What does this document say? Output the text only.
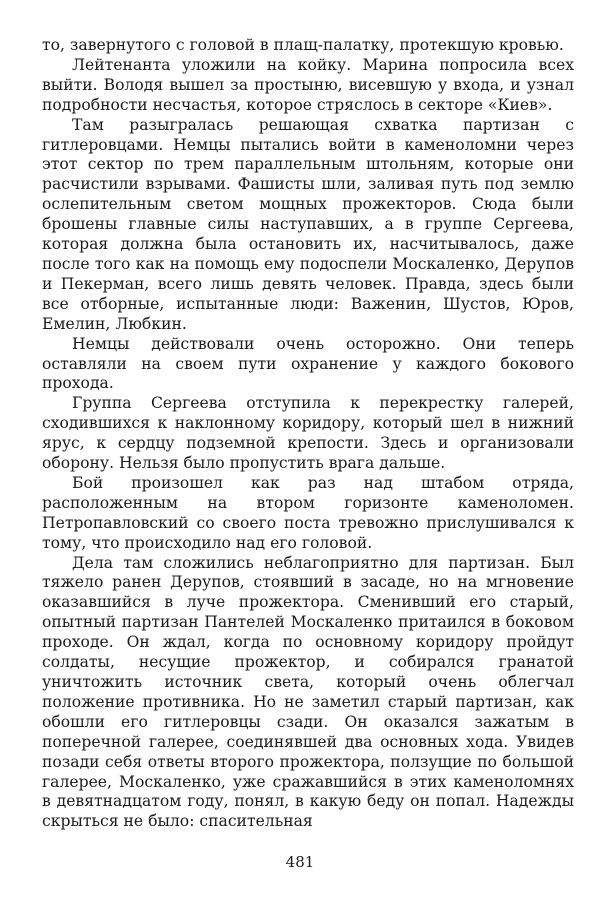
то, завернутого с головой в плащ-палатку, протекшую кровью.

Лейтенанта уложили на койку. Марина попросила всех выйти. Володя вышел за простыню, висевшую у входа, и узнал подробности несчастья, которое стряслось в секторе «Киев».

Там разыгралась решающая схватка партизан с гитлеровцами. Немцы пытались войти в каменоломни через этот сектор по трем параллельным штольням, которые они расчистили взрывами. Фашисты шли, заливая путь под землю ослепительным светом мощных прожекторов. Сюда были брошены главные силы наступавших, а в группе Сергеева, которая должна была остановить их, насчитывалось, даже после того как на помощь ему подоспели Москаленко, Дерупов и Пекерман, всего лишь девять человек. Правда, здесь были все отборные, испытанные люди: Важенин, Шустов, Юров, Емелин, Любкин.

Немцы действовали очень осторожно. Они теперь оставляли на своем пути охранение у каждого бокового прохода.

Группа Сергеева отступила к перекрестку галерей, сходившихся к наклонному коридору, который шел в нижний ярус, к сердцу подземной крепости. Здесь и организовали оборону. Нельзя было пропустить врага дальше.

Бой произошел как раз над штабом отряда, расположенным на втором горизонте каменоломен. Петропавловский со своего поста тревожно прислушивался к тому, что происходило над его головой.

Дела там сложились неблагоприятно для партизан. Был тяжело ранен Дерупов, стоявший в засаде, но на мгновение оказавшийся в луче прожектора. Сменивший его старый, опытный партизан Пантелей Москаленко притаился в боковом проходе. Он ждал, когда по основному коридору пройдут солдаты, несущие прожектор, и собирался гранатой уничтожить источник света, который очень облегчал положение противника. Но не заметил старый партизан, как обошли его гитлеровцы сзади. Он оказался зажатым в поперечной галерее, соединявшей два основных хода. Увидев позади себя ответы второго прожектора, ползущие по большой галерее, Москаленко, уже сражавшийся в этих каменоломнях в девятнадцатом году, понял, в какую беду он попал. Надежды скрыться не было: спасительная

481
